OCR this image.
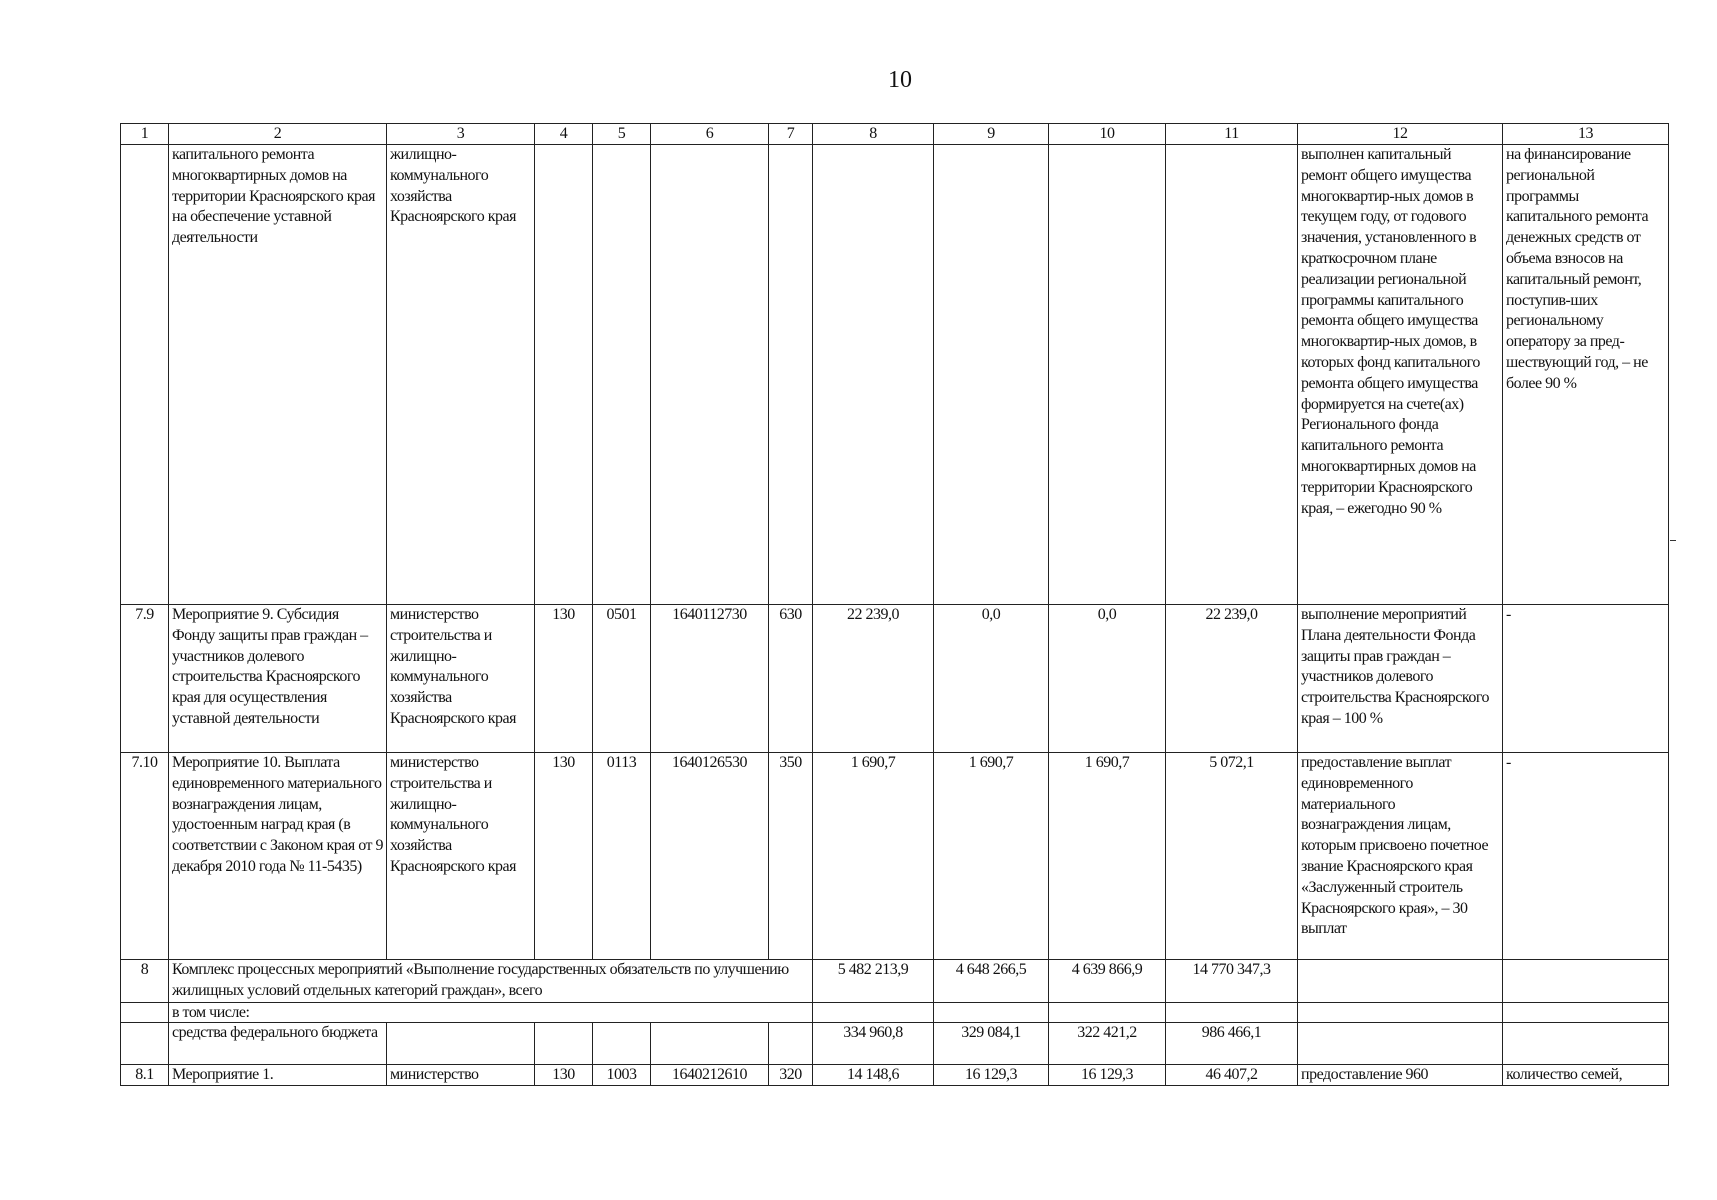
10
1	2	3	4	5	6	7	8	9	10	11	12	13
	капитального ремонта многоквартирных домов на территории Красноярского края на обеспечение уставной деятельности	жилищно-коммунального хозяйства Красноярского края									выполнен капитальный ремонт общего имущества многоквартир-ных домов в текущем году, от годового значения, установленного в краткосрочном плане реализации региональной программы капитального ремонта общего имущества многоквартир-ных домов, в которых фонд капитального ремонта общего имущества формируется на счете(ах) Регионального фонда капитального ремонта многоквартирных домов на территории Красноярского края, – ежегодно 90 %	на финансирование региональной программы капитального ремонта денежных средств от объема взносов на капитальный ремонт, поступив-ших региональному оператору за пред-шествующий год, – не более 90 %
7.9	Мероприятие 9. Субсидия Фонду защиты прав граждан – участников долевого строительства Красноярского края для осуществления уставной деятельности	министерство строительства и жилищно-коммунального хозяйства Красноярского края	130	0501	1640112730	630	22 239,0	0,0	0,0	22 239,0	выполнение мероприятий Плана деятельности Фонда защиты прав граждан – участников долевого строительства Красноярского края – 100 %	-
7.10	Мероприятие 10. Выплата единовременного материального вознаграждения лицам, удостоенным наград края (в соответствии с Законом края от 9 декабря 2010 года № 11-5435)	министерство строительства и жилищно-коммунального хозяйства Красноярского края	130	0113	1640126530	350	1 690,7	1 690,7	1 690,7	5 072,1	предоставление выплат единовременного материального вознаграждения лицам, которым присвоено почетное звание Красноярского края «Заслуженный строитель Красноярского края», – 30 выплат	-
8	Комплекс процессных мероприятий «Выполнение государственных обязательств по улучшению жилищных условий отдельных категорий граждан», всего						5 482 213,9	4 648 266,5	4 639 866,9	14 770 347,3		
	в том числе:											
	средства федерального бюджета						334 960,8	329 084,1	322 421,2	986 466,1		
8.1	Мероприятие 1.	министерство	130	1003	1640212610	320	14 148,6	16 129,3	16 129,3	46 407,2	предоставление 960	количество семей,
